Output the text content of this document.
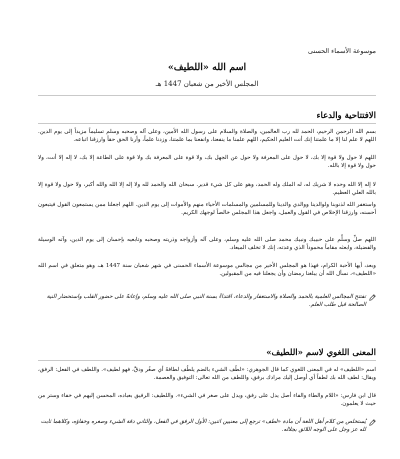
موسوعة الأسماء الحسنى
اسم الله «اللطيف»
المجلس الأخير من شعبان 1447 هـ
الافتتاحية والدعاء
بسم الله الرحمن الرحيم، الحمد لله رب العالمين، والصلاة والسلام على رسول الله الأمين، وعلى آله وصحبه وسلم تسليماً مزيداً إلى يوم الدين. اللهم لا علم لنا إلا ما علمتنا إنك أنت العليم الحكيم، اللهم علمنا ما ينفعنا، وانفعنا بما علمتنا، وزدنا علماً، وأرنا الحق حقاً وارزقنا اتباعه.
اللهم لا حول ولا قوة إلا بك، لا حول على المعرفة ولا حول عن الجهل بك، ولا قوة على المعرفة بك ولا قوة على الطاعة إلا بك، لا إله إلا أنت، ولا حول ولا قوة إلا بالله.
لا إله إلا الله وحده لا شريك له، له الملك وله الحمد، وهو على كل شيء قدير. سبحان الله والحمد لله ولا إله إلا الله والله أكبر، ولا حول ولا قوة إلا بالله العلي العظيم.
واستغفر الله لذنوبنا ولوالدينا ووالدي والدينا وللمسلمين والمسلمات الأحياء منهم والأموات إلى يوم الدين. اللهم اجعلنا ممن يستمعون القول فيتبعون أحسنه، وارزقنا الإخلاص في القول والعمل، واجعل هذا المجلس خالصاً لوجهك الكريم.
اللهم صلِّ وسلِّم على حبيبك ونبيك محمد صلى الله عليه وسلم، وعلى آله وأزواجه وذريته وصحبه وتابعيه بإحسان إلى يوم الدين، وآته الوسيلة والفضيلة، وابعثه مقاماً محموداً الذي وعدته، إنك لا تخلف الميعاد.
وبعد، أيها الأحبة الكرام، فهذا هو المجلس الأخير من مجالس موسوعة الأسماء الحسنى في شهر شعبان سنة 1447 هـ، وهو متعلق في اسم الله «اللطيف»، نسأل الله أن يبلغنا رمضان وأن يجعلنا فيه من المقبولين.
تفتتح المجالس العلمية بالحمد والصلاة والاستغفار والدعاء، اقتداءً بسنة النبي صلى الله عليه وسلم، وإعانةً على حضور القلب واستحضار النية الصالحة قبل طلب العلم.
المعنى اللغوي لاسم «اللطيف»
اسم «اللطيف» له في المعنى اللغوي كما قال الجوهري: «لطُف الشيء بالضم يلطُف لطافةً أي صغُر ودقَّ، فهو لطيف». واللطف في الفعل: الرفق، ويقال: لطف الله بك لطفاً أي أوصل إليك مرادك برفق، واللطف من الله تعالى: التوفيق والعصمة.
قال ابن فارس: «اللام والطاء والفاء أصل يدل على رفق، ويدل على صغر في الشيء». واللطيف: الرفيق بعباده، المحسن إليهم في خفاء وستر من حيث لا يعلمون.
يُستخلص من كلام أهل اللغة أن مادة «لطف» ترجع إلى معنيين اثنين: الأول الرفق في الفعل، والثاني دقة الشيء وصغره وخفاؤه، وكلاهما ثابت لله عز وجل على الوجه اللائق بجلاله.
